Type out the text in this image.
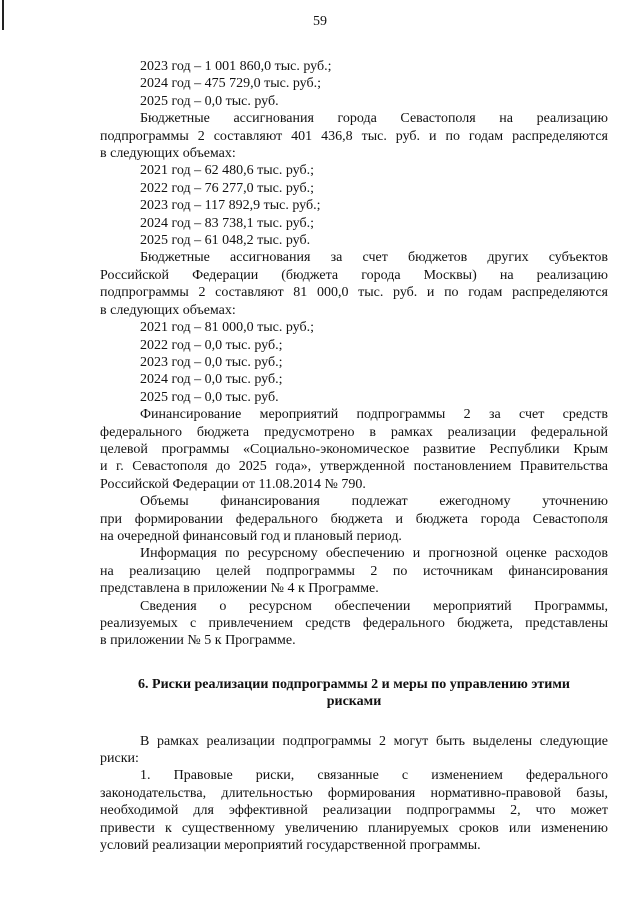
59

2023 год – 1 001 860,0 тыс. руб.;

2024 год – 475 729,0 тыс. руб.;

2025 год – 0,0 тыс. руб.

Бюджетные ассигнования города Севастополя на реализацию

подпрограммы 2 составляют 401 436,8 тыс. руб. и по годам распределяются

в следующих объемах:

2021 год – 62 480,6 тыс. руб.;

2022 год – 76 277,0 тыс. руб.;

2023 год – 117 892,9 тыс. руб.;

2024 год – 83 738,1 тыс. руб.;

2025 год – 61 048,2 тыс. руб.

Бюджетные ассигнования за счет бюджетов других субъектов

Российской Федерации (бюджета города Москвы) на реализацию

подпрограммы 2 составляют 81 000,0 тыс. руб. и по годам распределяются

в следующих объемах:

2021 год – 81 000,0 тыс. руб.;

2022 год – 0,0 тыс. руб.;

2023 год – 0,0 тыс. руб.;

2024 год – 0,0 тыс. руб.;

2025 год – 0,0 тыс. руб.

Финансирование мероприятий подпрограммы 2 за счет средств

федерального бюджета предусмотрено в рамках реализации федеральной

целевой программы «Социально-экономическое развитие Республики Крым

и г. Севастополя до 2025 года», утвержденной постановлением Правительства

Российской Федерации от 11.08.2014 № 790.

Объемы финансирования подлежат ежегодному уточнению

при формировании федерального бюджета и бюджета города Севастополя

на очередной финансовый год и плановый период.

Информация по ресурсному обеспечению и прогнозной оценке расходов

на реализацию целей подпрограммы 2 по источникам финансирования

представлена в приложении № 4 к Программе.

Сведения о ресурсном обеспечении мероприятий Программы,

реализуемых с привлечением средств федерального бюджета, представлены

в приложении № 5 к Программе.

6. Риски реализации подпрограммы 2 и меры по управлению этими

рисками

В рамках реализации подпрограммы 2 могут быть выделены следующие

риски:

1. Правовые риски, связанные с изменением федерального

законодательства, длительностью формирования нормативно-правовой базы,

необходимой для эффективной реализации подпрограммы 2, что может

привести к существенному увеличению планируемых сроков или изменению

условий реализации мероприятий государственной программы.
